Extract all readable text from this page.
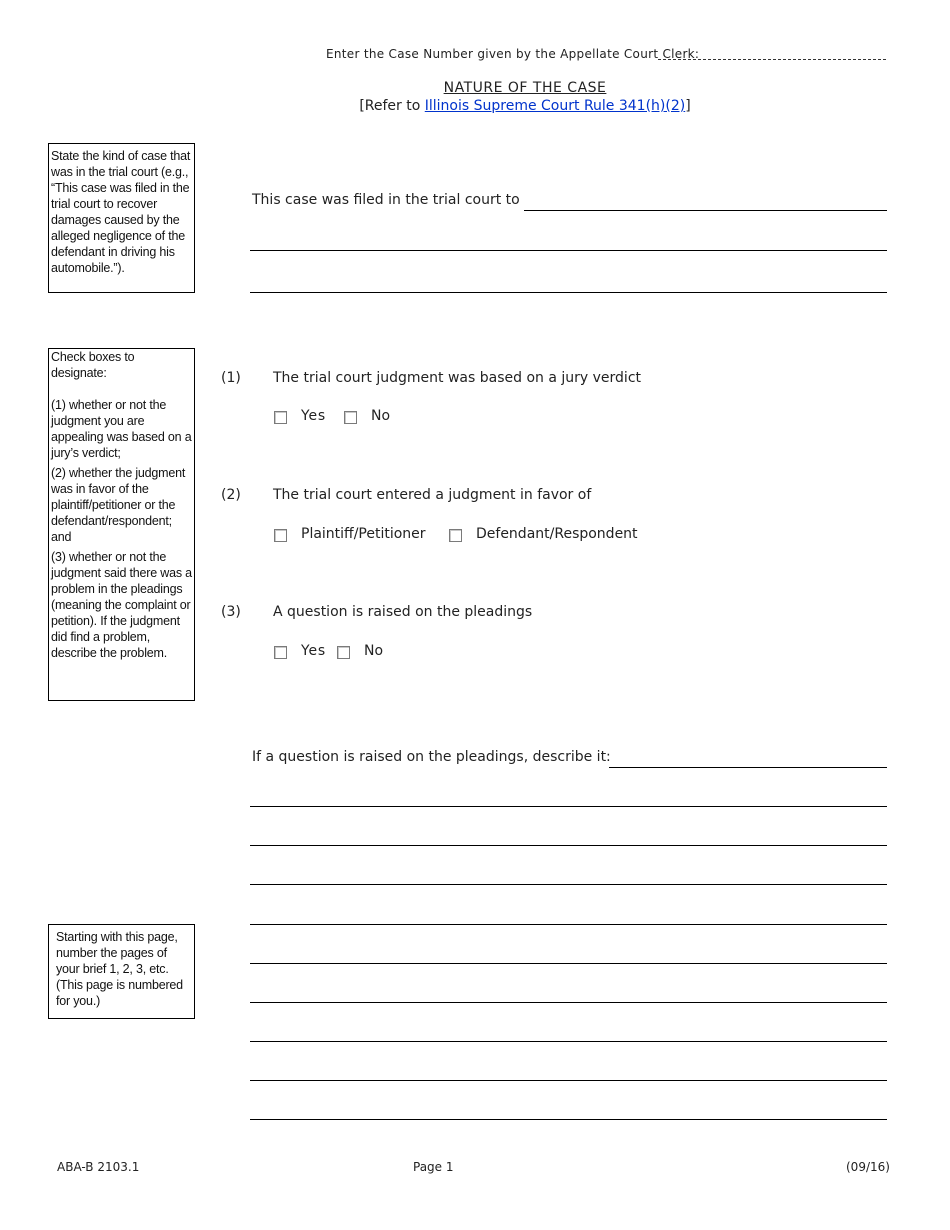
Enter the Case Number given by the Appellate Court Clerk:
NATURE OF THE CASE
[Refer to Illinois Supreme Court Rule 341(h)(2)]

State the kind of case that was in the trial court (e.g., “This case was filed in the trial court to recover damages caused by the alleged negligence of the defendant in driving his automobile.”).

Check boxes to designate:

(1) whether or not the judgment you are appealing was based on a jury’s verdict;

(2) whether the judgment was in favor of the plaintiff/petitioner or the defendant/respondent; and

(3) whether or not the judgment said there was a problem in the pleadings (meaning the complaint or petition). If the judgment did find a problem, describe the problem.

Starting with this page, number the pages of your brief 1, 2, 3, etc. (This page is numbered for you.)

This case was filed in the trial court to
(1) The trial court judgment was based on a jury verdict
Yes	No
(2) The trial court entered a judgment in favor of
Plaintiff/Petitioner	Defendant/Respondent
(3) A question is raised on the pleadings
Yes	No
If a question is raised on the pleadings, describe it:
ABA-B 2103.1	Page 1	(09/16)
